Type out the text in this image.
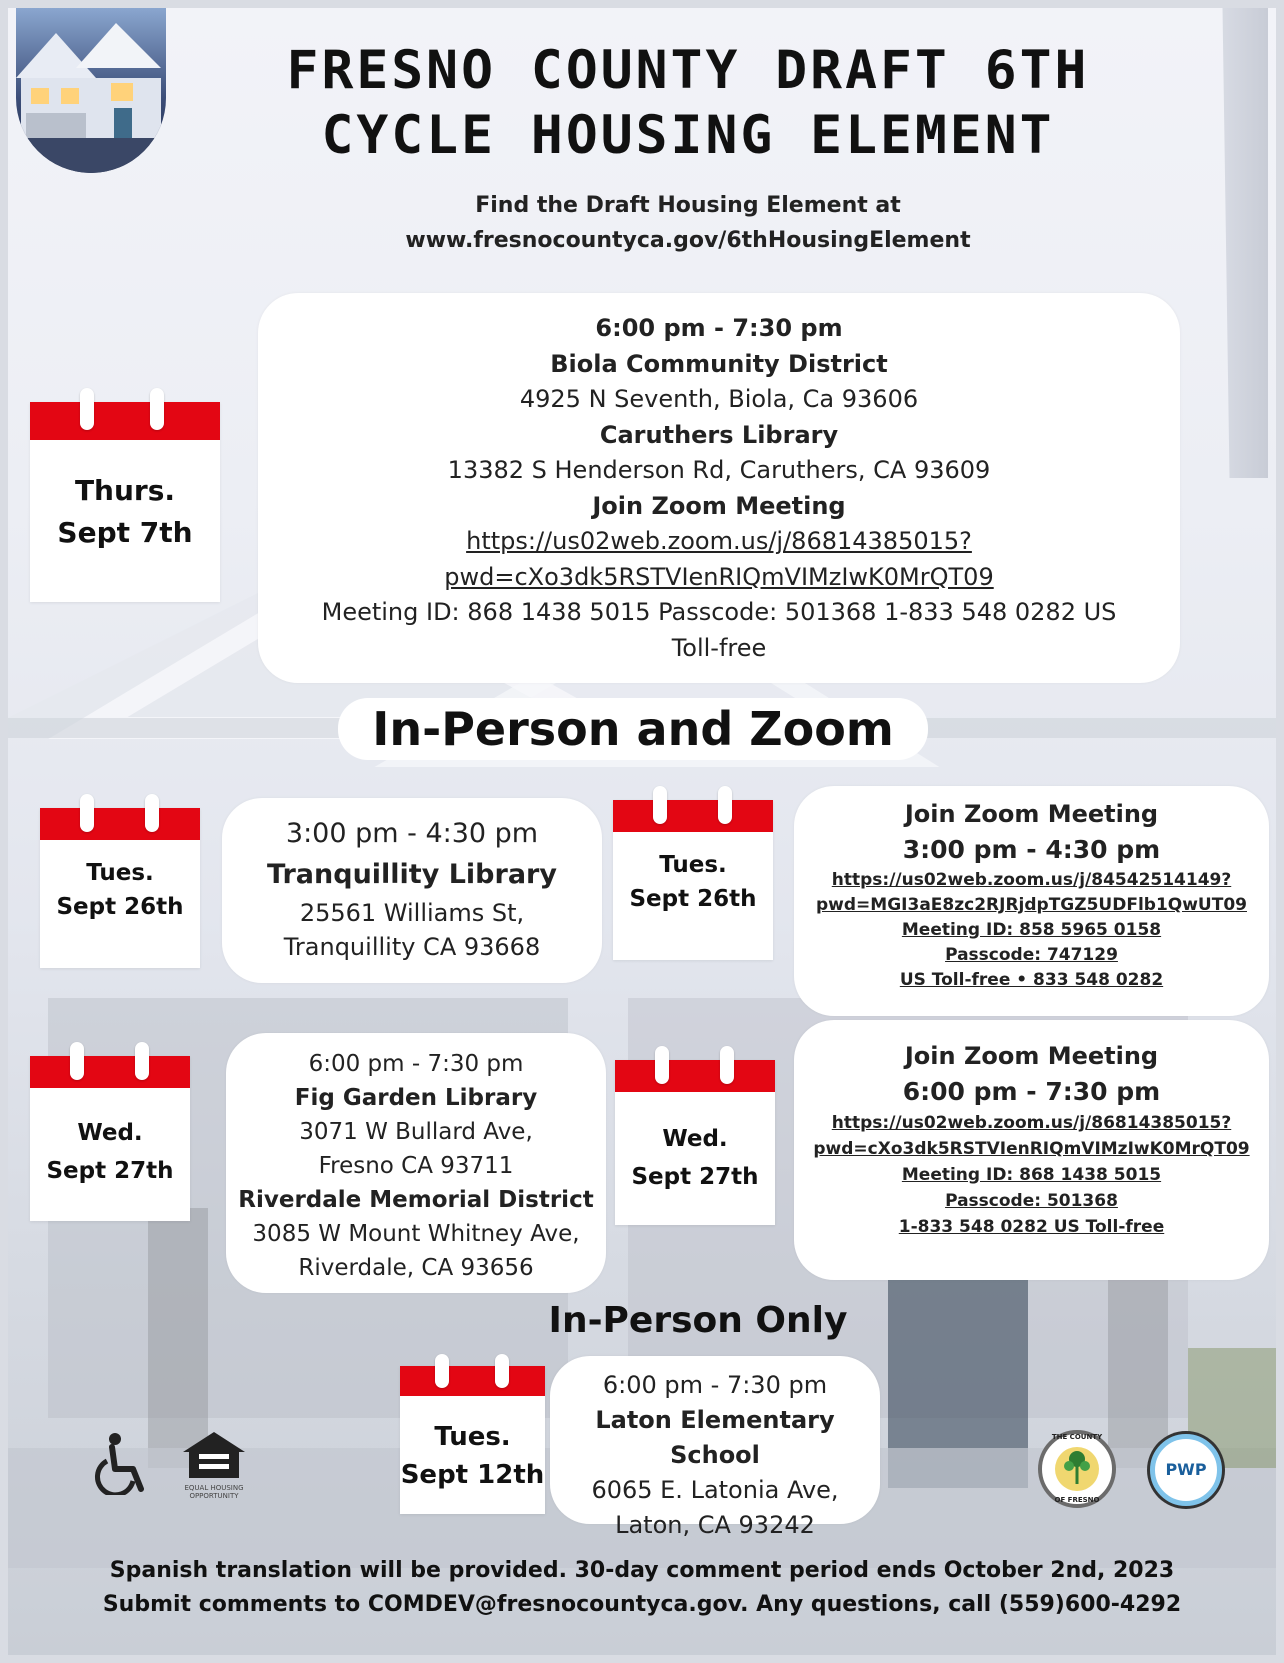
FRESNO COUNTY DRAFT 6TH
CYCLE HOUSING ELEMENT
Find the Draft Housing Element at
www.fresnocountyca.gov/6thHousingElement
Thurs.
Sept 7th
6:00 pm - 7:30 pm
Biola Community District
4925 N Seventh, Biola, Ca 93606
Caruthers Library
13382 S Henderson Rd, Caruthers, CA 93609
Join Zoom Meeting
https://us02web.zoom.us/j/86814385015?
pwd=cXo3dk5RSTVIenRIQmVIMzIwK0MrQT09
Meeting ID: 868 1438 5015 Passcode: 501368 1-833 548 0282 US
Toll-free
In-Person and Zoom
Tues.
Sept 26th
3:00 pm - 4:30 pm
Tranquillity Library
25561 Williams St,
Tranquillity CA 93668
Tues.
Sept 26th
Join Zoom Meeting
3:00 pm - 4:30 pm
https://us02web.zoom.us/j/84542514149?
pwd=MGI3aE8zc2RJRjdpTGZ5UDFlb1QwUT09
Meeting ID: 858 5965 0158
Passcode: 747129
US Toll-free • 833 548 0282
Wed.
Sept 27th
6:00 pm - 7:30 pm
Fig Garden Library
3071 W Bullard Ave,
Fresno CA 93711
Riverdale Memorial District
3085 W Mount Whitney Ave,
Riverdale, CA 93656
Wed.
Sept 27th
Join Zoom Meeting
6:00 pm - 7:30 pm
https://us02web.zoom.us/j/86814385015?
pwd=cXo3dk5RSTVIenRIQmVIMzIwK0MrQT09
Meeting ID: 868 1438 5015
Passcode: 501368
1-833 548 0282 US Toll-free
In-Person Only
Tues.
Sept 12th
6:00 pm - 7:30 pm
Laton Elementary School
6065 E. Latonia Ave,
Laton, CA 93242
EQUAL HOUSING
OPPORTUNITY
THE COUNTY
OF FRESNO
PWP
Spanish translation will be provided. 30-day comment period ends October 2nd, 2023
Submit comments to COMDEV@fresnocountyca.gov. Any questions, call (559)600-4292
